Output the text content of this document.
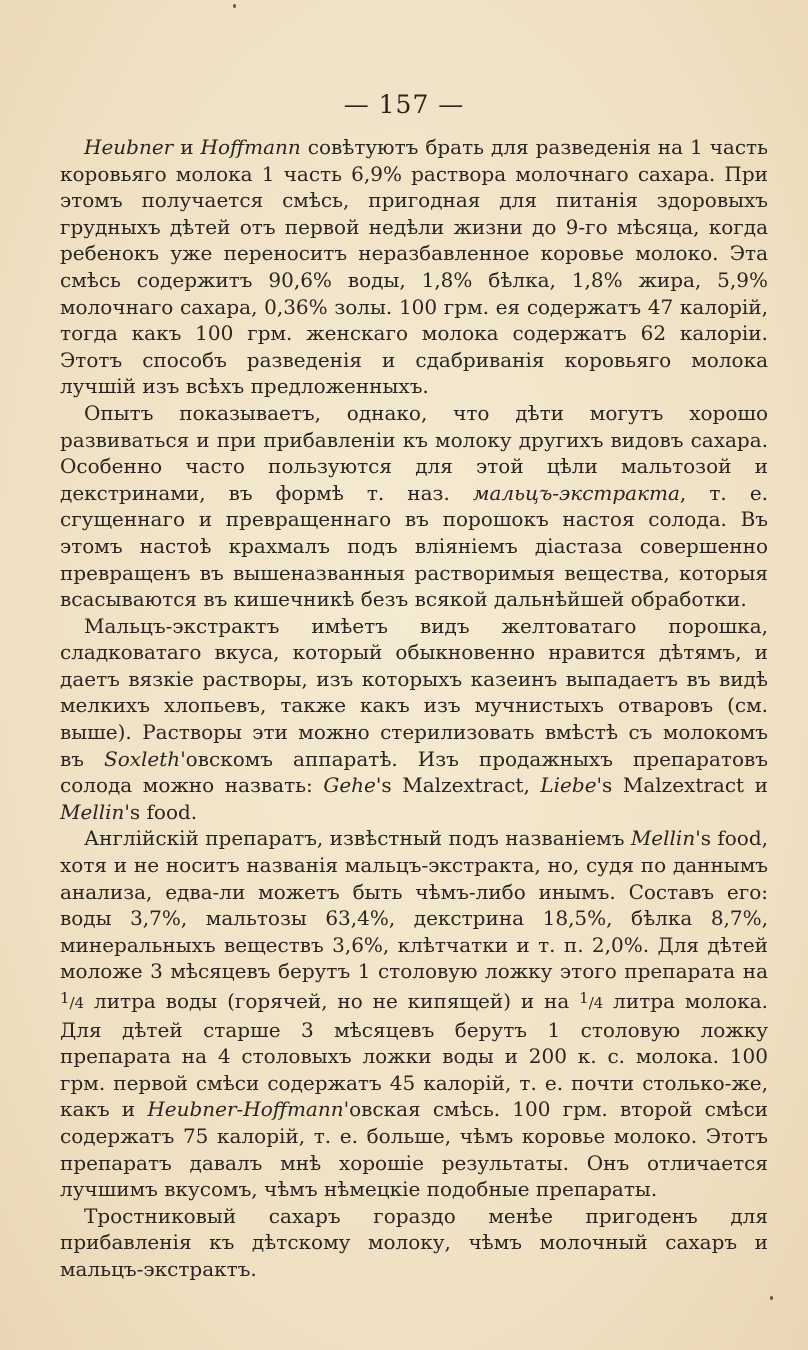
— 157 —

Heubner и Hoffmann совѣтуютъ брать для разведенія на 1 часть коровьяго молока 1 часть 6,9% раствора молочнаго сахара. При этомъ получается смѣсь, пригодная для питанія здоровыхъ грудныхъ дѣтей отъ первой недѣли жизни до 9-го мѣсяца, когда ребенокъ уже переноситъ неразбавленное коровье молоко. Эта смѣсь содержитъ 90,6% воды, 1,8% бѣлка, 1,8% жира, 5,9% молочнаго сахара, 0,36% золы. 100 грм. ея содержатъ 47 калорій, тогда какъ 100 грм. женскаго молока содержатъ 62 калоріи. Этотъ способъ разведенія и сдабриванія коровьяго молока лучшій изъ всѣхъ предложенныхъ.

Опытъ показываетъ, однако, что дѣти могутъ хорошо развиваться и при прибавленіи къ молоку другихъ видовъ сахара. Особенно часто пользуются для этой цѣли мальтозой и декстринами, въ формѣ т. наз. мальцъ-экстракта, т. е. сгущеннаго и превращеннаго въ порошокъ настоя солода. Въ этомъ настоѣ крахмалъ подъ вліяніемъ діастаза совершенно превращенъ въ вышеназванныя растворимыя вещества, которыя всасываются въ кишечникѣ безъ всякой дальнѣйшей обработки.

Мальцъ-экстрактъ имѣетъ видъ желтоватаго порошка, сладковатаго вкуса, который обыкновенно нравится дѣтямъ, и даетъ вязкіе растворы, изъ которыхъ казеинъ выпадаетъ въ видѣ мелкихъ хлопьевъ, также какъ изъ мучнистыхъ отваровъ (см. выше). Растворы эти можно стерилизовать вмѣстѣ съ молокомъ въ Soxleth'овскомъ аппаратѣ. Изъ продажныхъ препаратовъ солода можно назвать: Gehe's Malzextract, Liebe's Malzextract и Mellin's food.

Англійскій препаратъ, извѣстный подъ названіемъ Mellin's food, хотя и не носитъ названія мальцъ-экстракта, но, судя по даннымъ анализа, едва-ли можетъ быть чѣмъ-либо инымъ. Составъ его: воды 3,7%, мальтозы 63,4%, декстрина 18,5%, бѣлка 8,7%, минеральныхъ веществъ 3,6%, клѣтчатки и т. п. 2,0%. Для дѣтей моложе 3 мѣсяцевъ берутъ 1 столовую ложку этого препарата на $^1$/4 литра воды (горячей, но не кипящей) и на $^1$/4 литра молока. Для дѣтей старше 3 мѣсяцевъ берутъ 1 столовую ложку препарата на 4 столовыхъ ложки воды и 200 к. с. молока. 100 грм. первой смѣси содержатъ 45 калорій, т. е. почти столько-же, какъ и Heubner-Hoffmann'овская смѣсь. 100 грм. второй смѣси содержатъ 75 калорій, т. е. больше, чѣмъ коровье молоко. Этотъ препаратъ давалъ мнѣ хорошіе результаты. Онъ отличается лучшимъ вкусомъ, чѣмъ нѣмецкіе подобные препараты.

Тростниковый сахаръ гораздо менѣе пригоденъ для прибавленія къ дѣтскому молоку, чѣмъ молочный сахаръ и мальцъ-экстрактъ.
